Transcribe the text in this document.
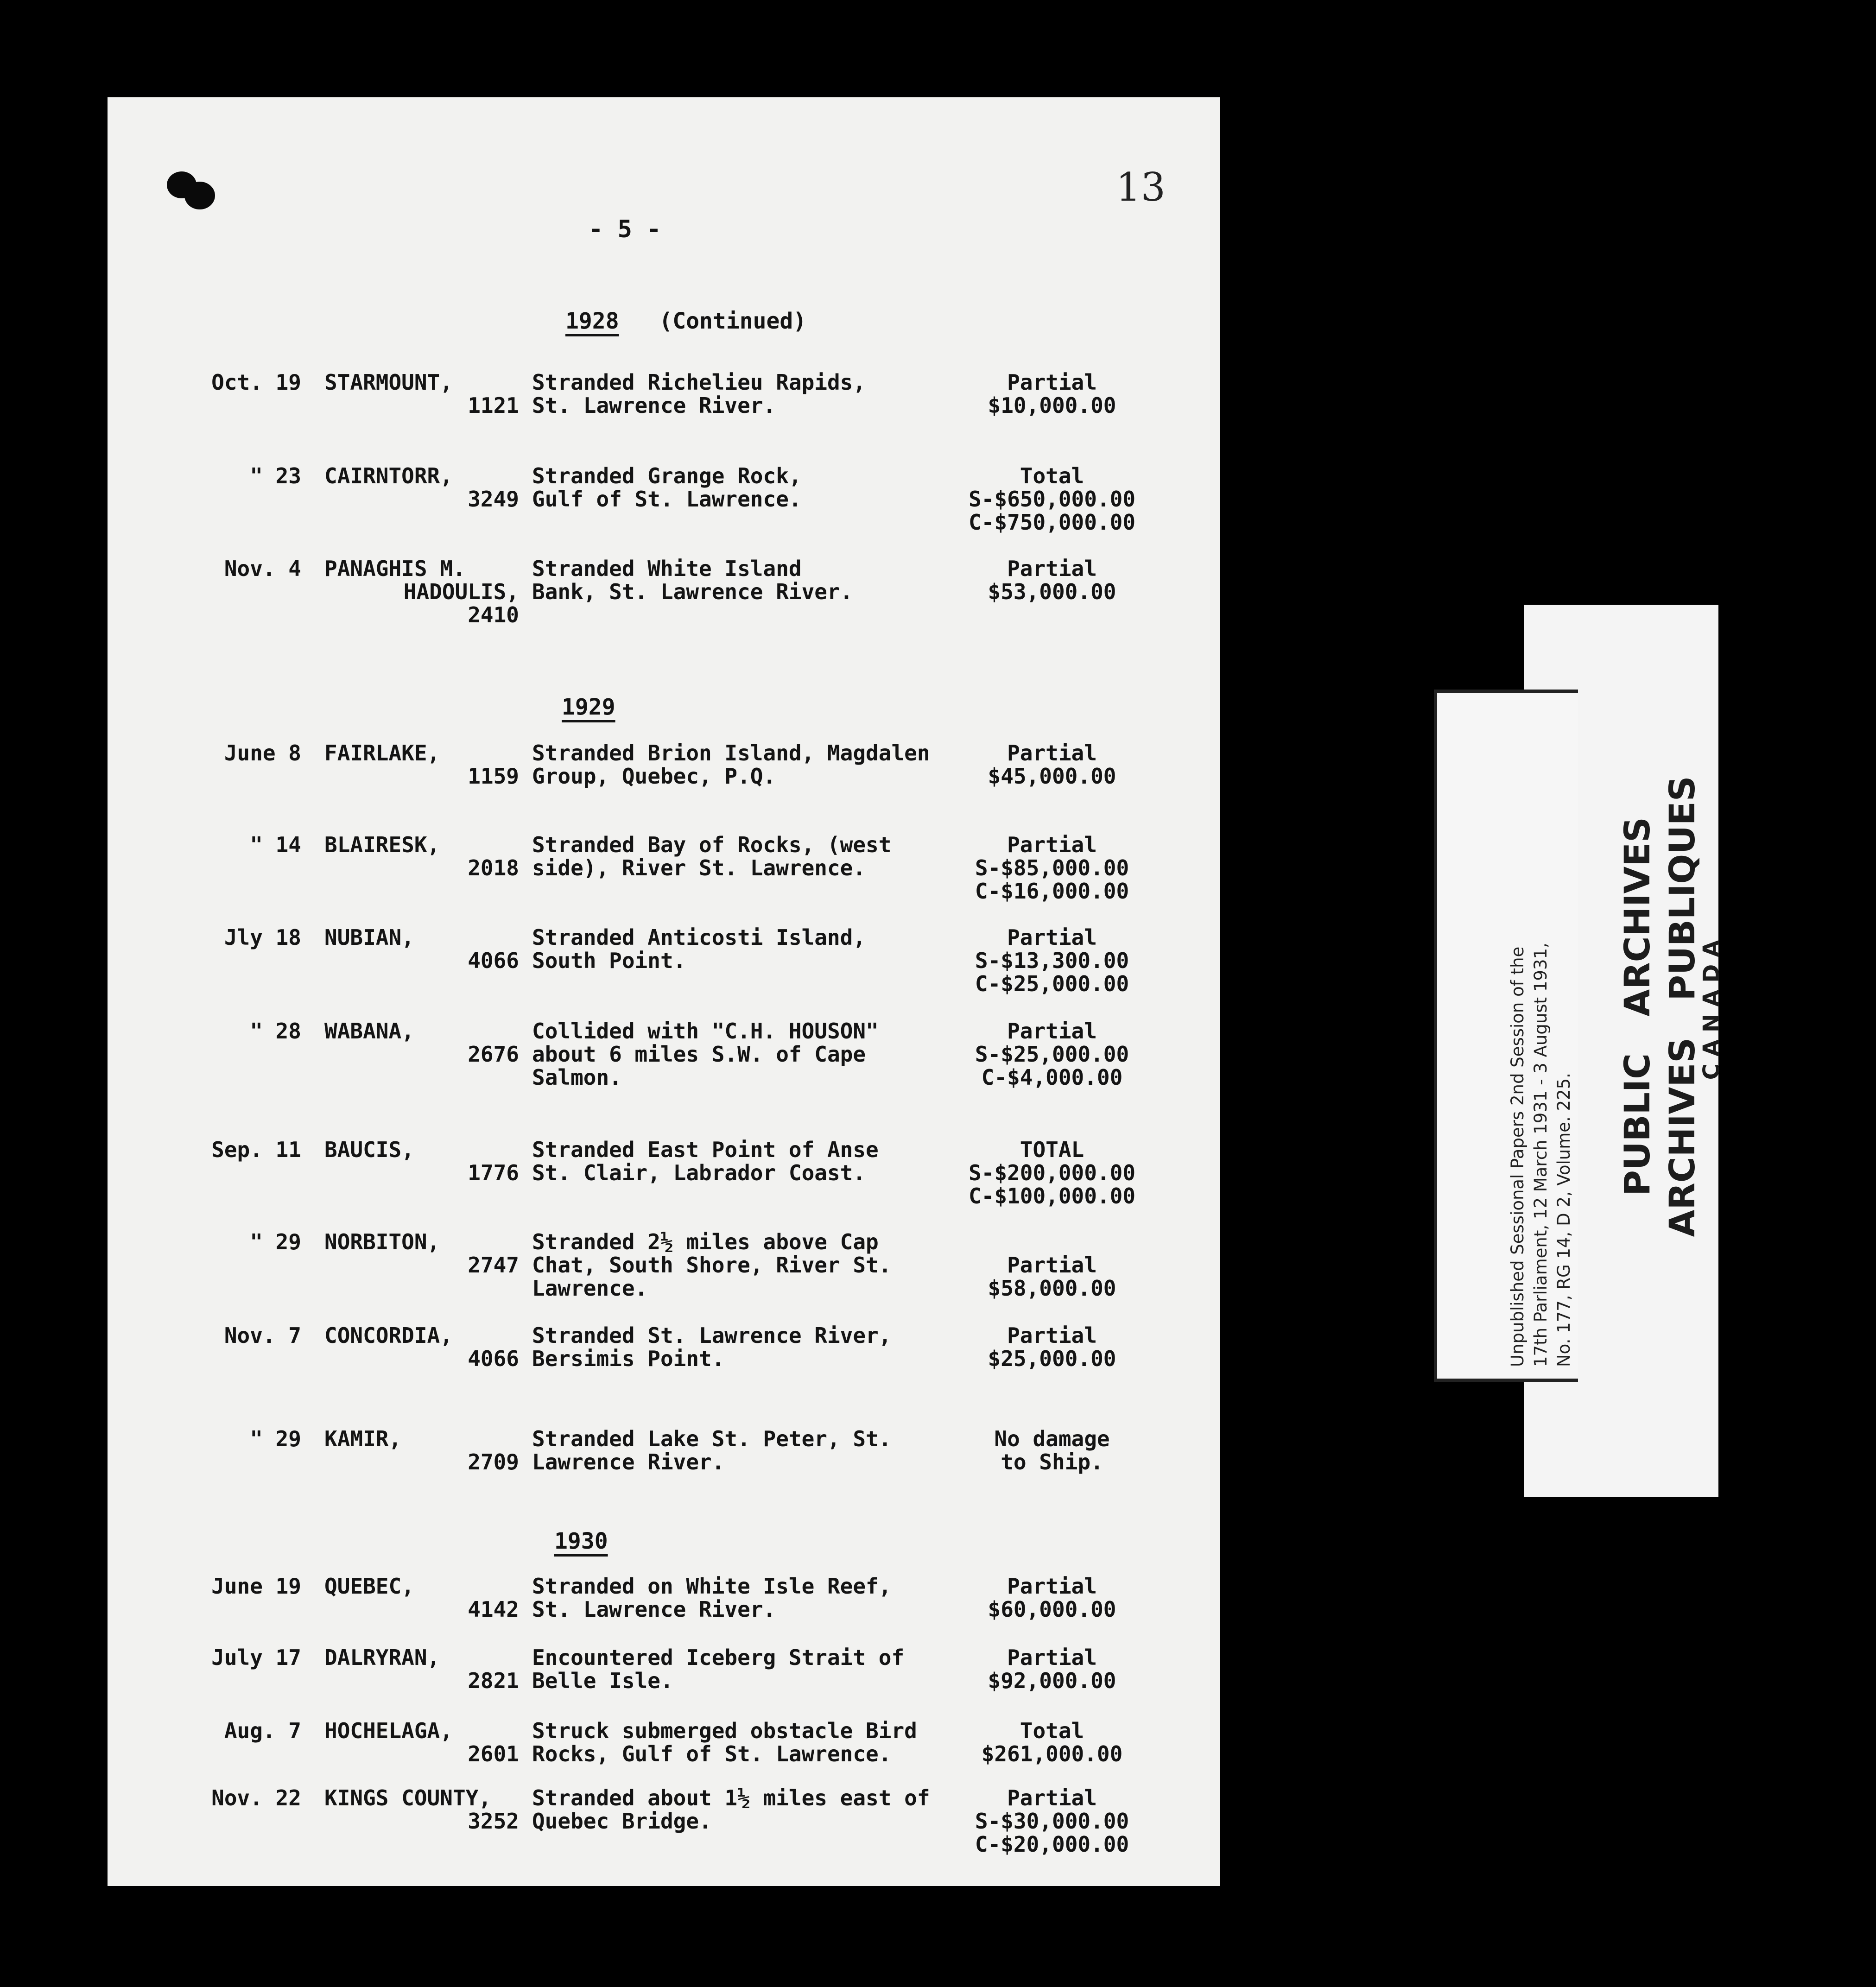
13
- 5 -
1928 (Continued)
Oct. 19 STARMOUNT,
1121
Stranded Richelieu Rapids,
St. Lawrence River.
Partial
$10,000.00
" 23 CAIRNTORR,
3249
Stranded Grange Rock,
Gulf of St. Lawrence.
Total
S-$650,000.00
C-$750,000.00
Nov. 4 PANAGHIS M.
HADOULIS,
2410
Stranded White Island
Bank, St. Lawrence River.
Partial
$53,000.00
1929
June 8 FAIRLAKE,
1159
Stranded Brion Island, Magdalen
Group, Quebec, P.Q.
Partial
$45,000.00
" 14 BLAIRESK,
2018
Stranded Bay of Rocks, (west
side), River St. Lawrence.
Partial
S-$85,000.00
C-$16,000.00
Jly 18 NUBIAN,
4066
Stranded Anticosti Island,
South Point.
Partial
S-$13,300.00
C-$25,000.00
" 28 WABANA,
2676
Collided with "C.H. HOUSON"
about 6 miles S.W. of Cape
Salmon.
Partial
S-$25,000.00
C-$4,000.00
Sep. 11 BAUCIS,
1776
Stranded East Point of Anse
St. Clair, Labrador Coast.
TOTAL
S-$200,000.00
C-$100,000.00
" 29 NORBITON,
2747
Stranded 2½ miles above Cap
Chat, South Shore, River St.
Lawrence.
Partial
$58,000.00
Nov. 7 CONCORDIA,
4066
Stranded St. Lawrence River,
Bersimis Point.
Partial
$25,000.00
" 29 KAMIR,
2709
Stranded Lake St. Peter, St.
Lawrence River.
No damage
to Ship.
1930
June 19 QUEBEC,
4142
Stranded on White Isle Reef,
St. Lawrence River.
Partial
$60,000.00
July 17 DALRYRAN,
2821
Encountered Iceberg Strait of
Belle Isle.
Partial
$92,000.00
Aug. 7 HOCHELAGA,
2601
Struck submerged obstacle Bird
Rocks, Gulf of St. Lawrence.
Total
$261,000.00
Nov. 22 KINGS COUNTY,
3252
Stranded about 1½ miles east of
Quebec Bridge.
Partial
S-$30,000.00
C-$20,000.00
Unpublished Sessional Papers 2nd Session of the 17th Parliament, 12 March 1931 - 3 August 1931, No. 177, RG 14, D 2, Volume. 225.
PUBLIC   ARCHIVES ARCHIVES   PUBLIQUES
CANADA
